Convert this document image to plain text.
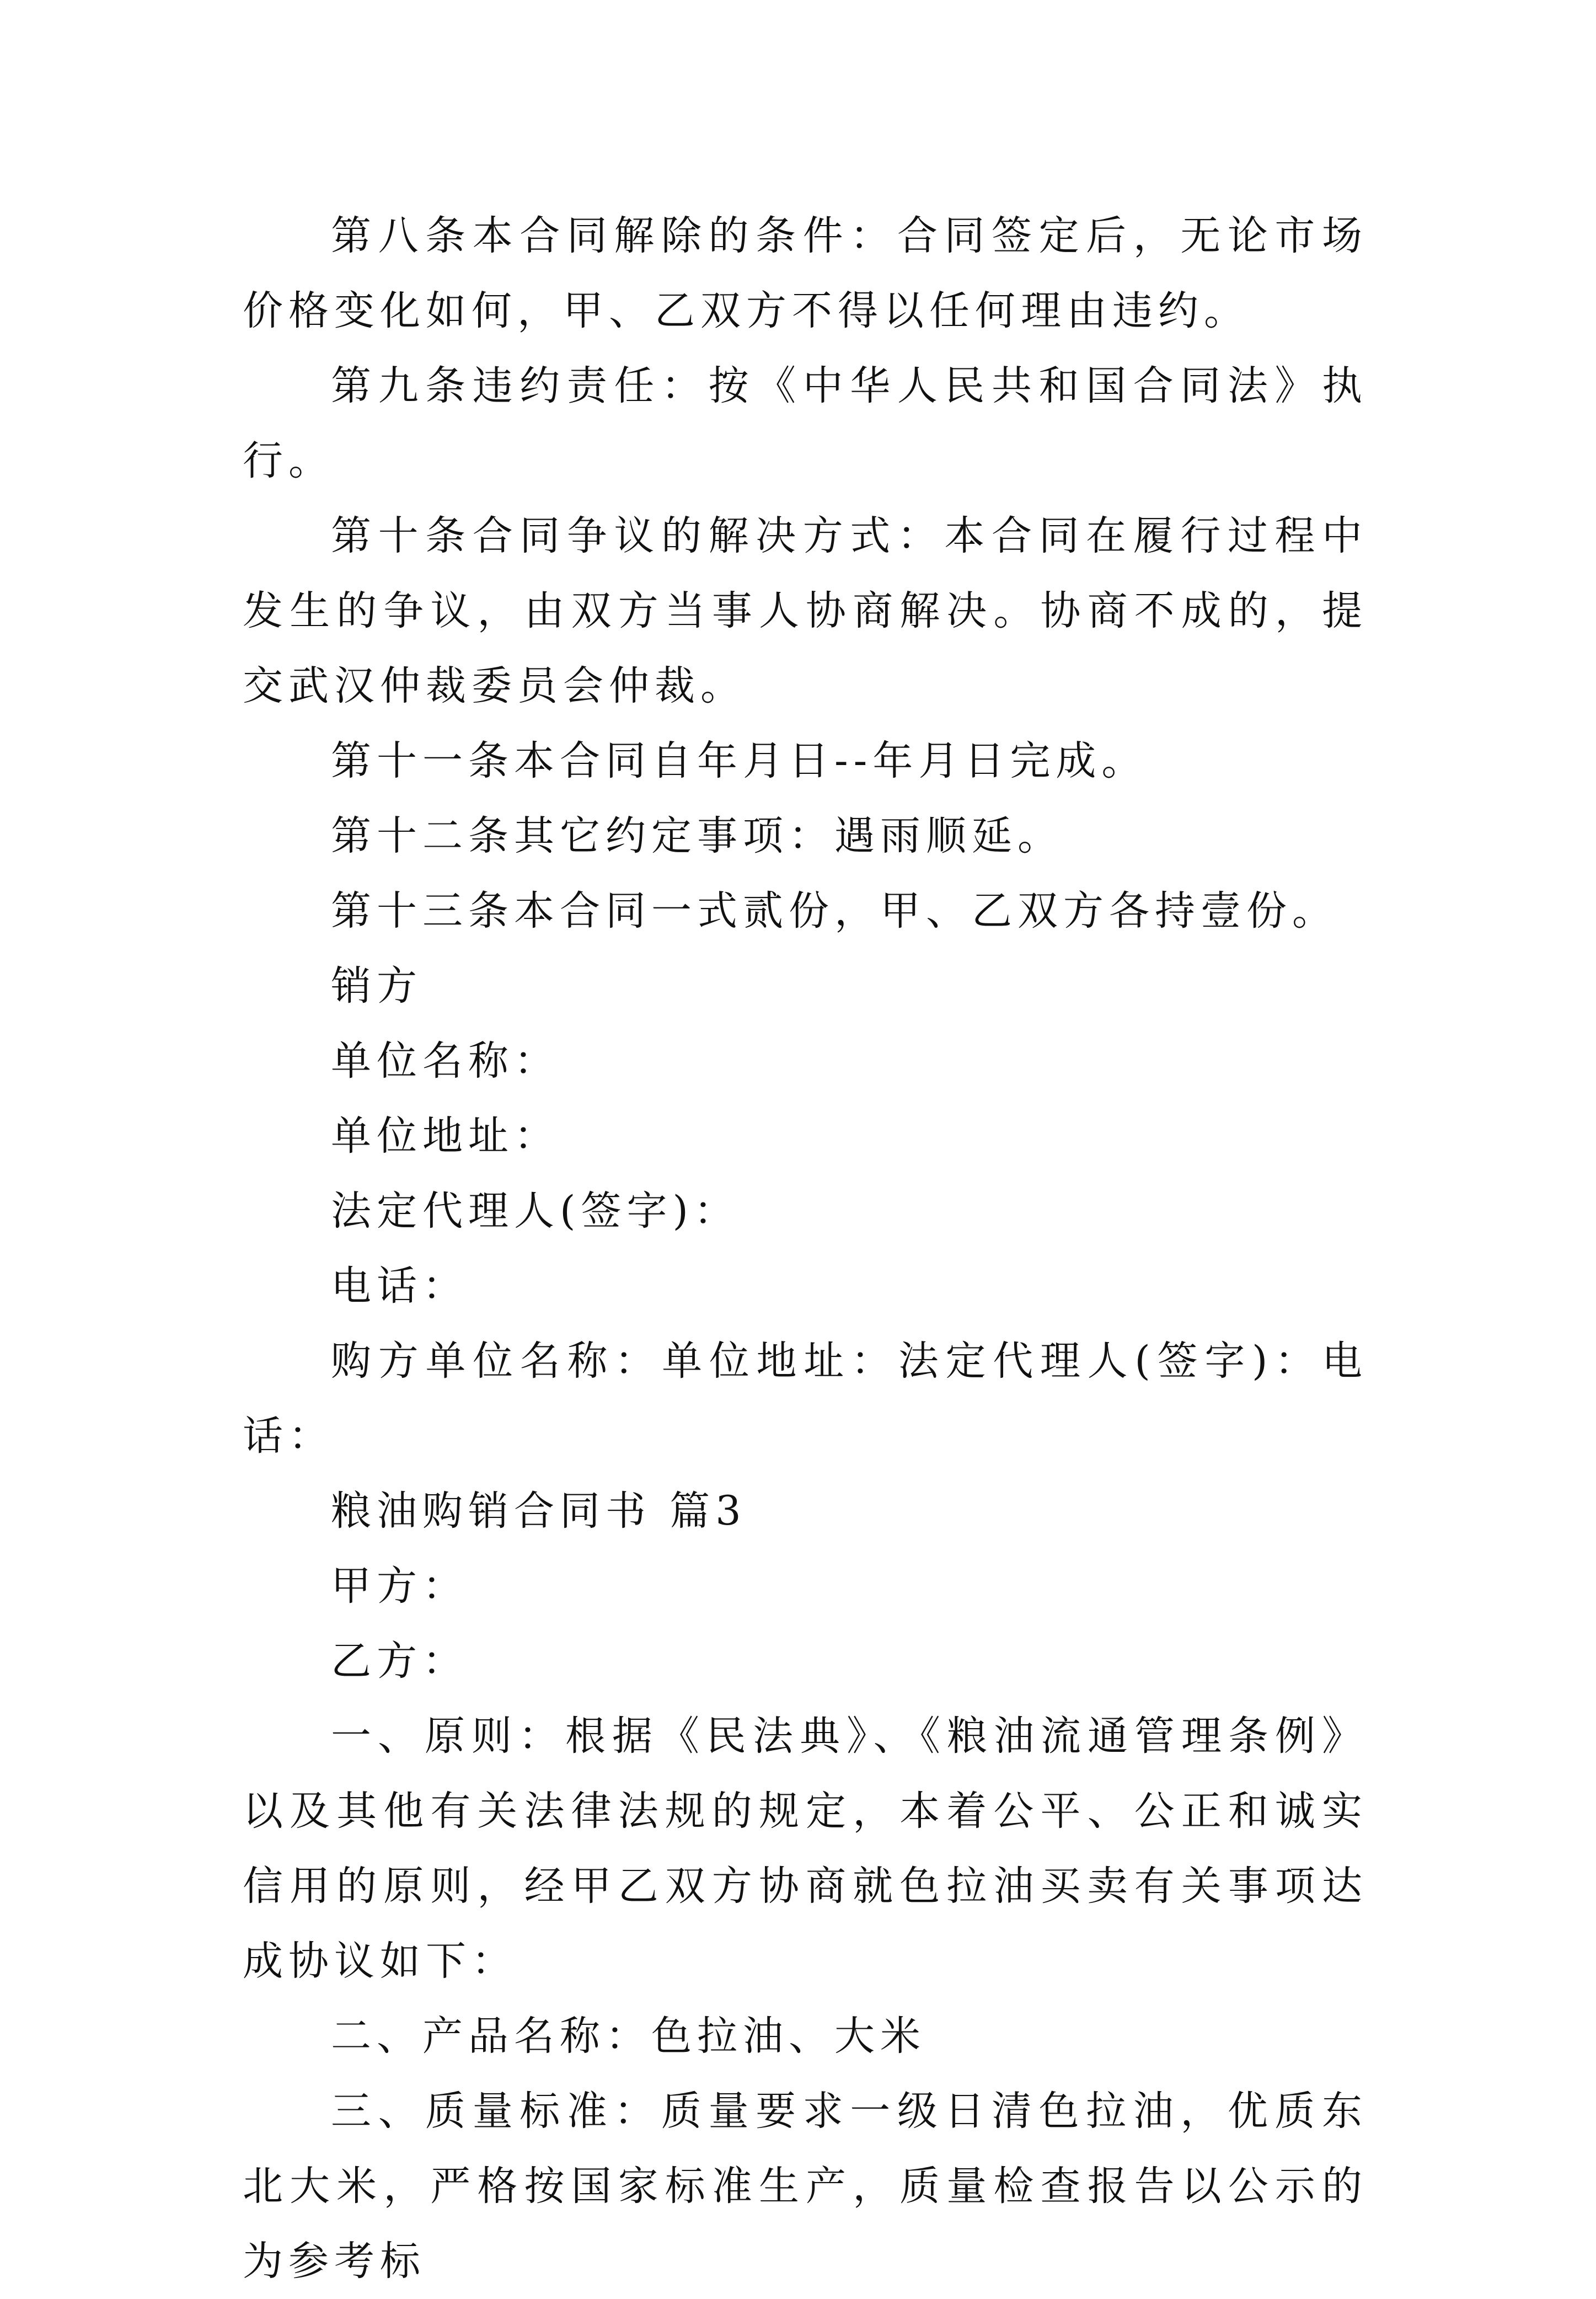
第八条本合同解除的条件：合同签定后，无论市场价格变化如何，甲、乙双方不得以任何理由违约。

第九条违约责任：按《中华人民共和国合同法》执行。

第十条合同争议的解决方式：本合同在履行过程中发生的争议，由双方当事人协商解决。协商不成的，提交武汉仲裁委员会仲裁。

第十一条本合同自年月日--年月日完成。

第十二条其它约定事项：遇雨顺延。

第十三条本合同一式贰份，甲、乙双方各持壹份。

销方

单位名称：

单位地址：

法定代理人(签字)：

电话：

购方单位名称：单位地址：法定代理人(签字)：电话：

粮油购销合同书 篇3

甲方：

乙方：

一、原则：根据《民法典》、《粮油流通管理条例》以及其他有关法律法规的规定，本着公平、公正和诚实信用的原则，经甲乙双方协商就色拉油买卖有关事项达成协议如下：

二、产品名称：色拉油、大米

三、质量标准：质量要求一级日清色拉油，优质东北大米，严格按国家标准生产，质量检查报告以公示的为参考标
